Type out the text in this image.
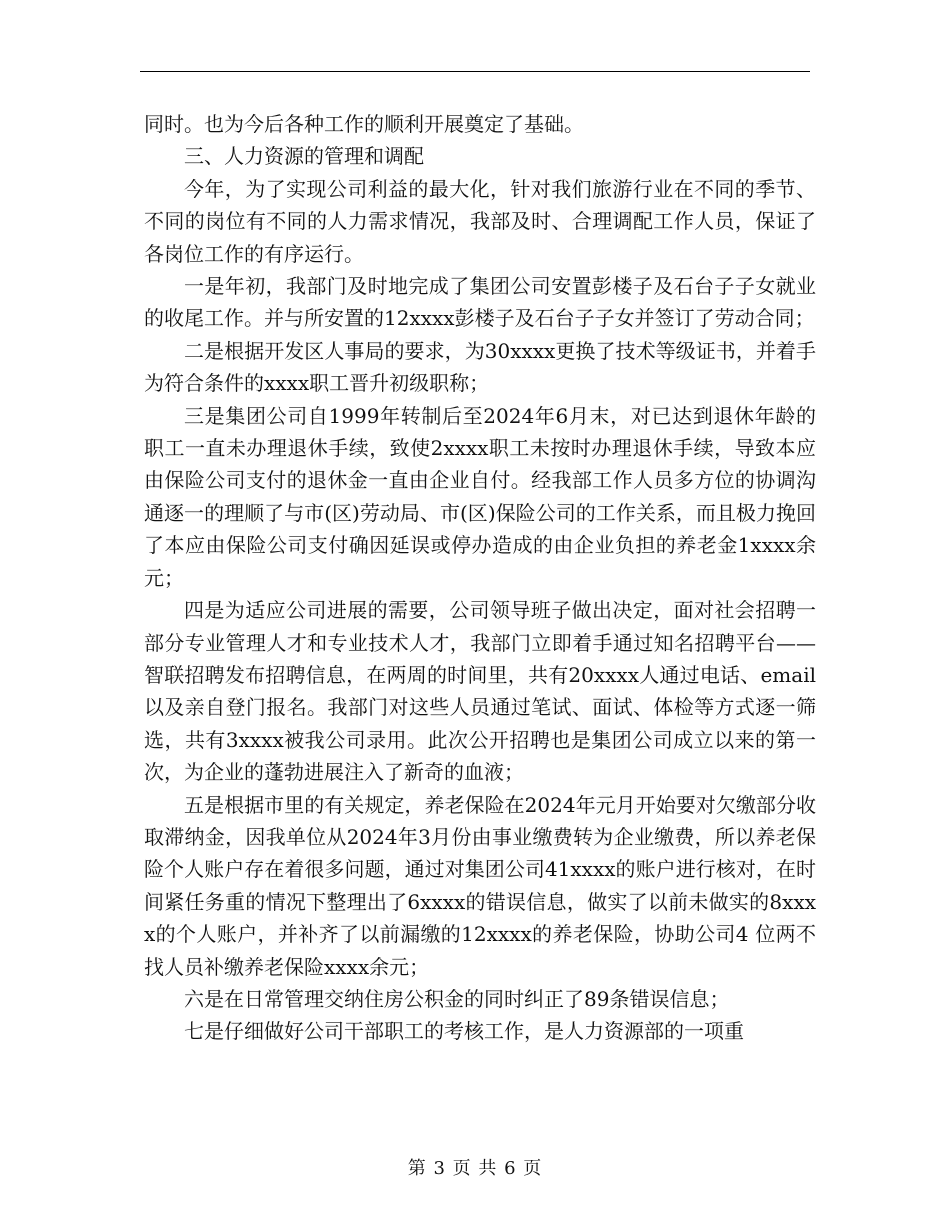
同时。也为今后各种工作的顺利开展奠定了基础。

三、人力资源的管理和调配

今年，为了实现公司利益的最大化，针对我们旅游行业在不同的季节、不同的岗位有不同的人力需求情况，我部及时、合理调配工作人员，保证了各岗位工作的有序运行。

一是年初，我部门及时地完成了集团公司安置彭楼子及石台子子女就业的收尾工作。并与所安置的12xxxx彭楼子及石台子子女并签订了劳动合同；

二是根据开发区人事局的要求，为30xxxx更换了技术等级证书，并着手为符合条件的xxxx职工晋升初级职称；

三是集团公司自1999年转制后至2024年6月末，对已达到退休年龄的职工一直未办理退休手续，致使2xxxx职工未按时办理退休手续，导致本应由保险公司支付的退休金一直由企业自付。经我部工作人员多方位的协调沟通逐一的理顺了与市(区)劳动局、市(区)保险公司的工作关系，而且极力挽回了本应由保险公司支付确因延误或停办造成的由企业负担的养老金1xxxx余元；

四是为适应公司进展的需要，公司领导班子做出决定，面对社会招聘一部分专业管理人才和专业技术人才，我部门立即着手通过知名招聘平台——智联招聘发布招聘信息，在两周的时间里，共有20xxxx人通过电话、email以及亲自登门报名。我部门对这些人员通过笔试、面试、体检等方式逐一筛选，共有3xxxx被我公司录用。此次公开招聘也是集团公司成立以来的第一次，为企业的蓬勃进展注入了新奇的血液；

五是根据市里的有关规定，养老保险在2024年元月开始要对欠缴部分收取滞纳金，因我单位从2024年3月份由事业缴费转为企业缴费，所以养老保险个人账户存在着很多问题，通过对集团公司41xxxx的账户进行核对，在时间紧任务重的情况下整理出了6xxxx的错误信息，做实了以前未做实的8xxxx的个人账户，并补齐了以前漏缴的12xxxx的养老保险，协助公司4 位两不找人员补缴养老保险xxxx余元；

六是在日常管理交纳住房公积金的同时纠正了89条错误信息；

七是仔细做好公司干部职工的考核工作，是人力资源部的一项重

第 3 页 共 6 页
